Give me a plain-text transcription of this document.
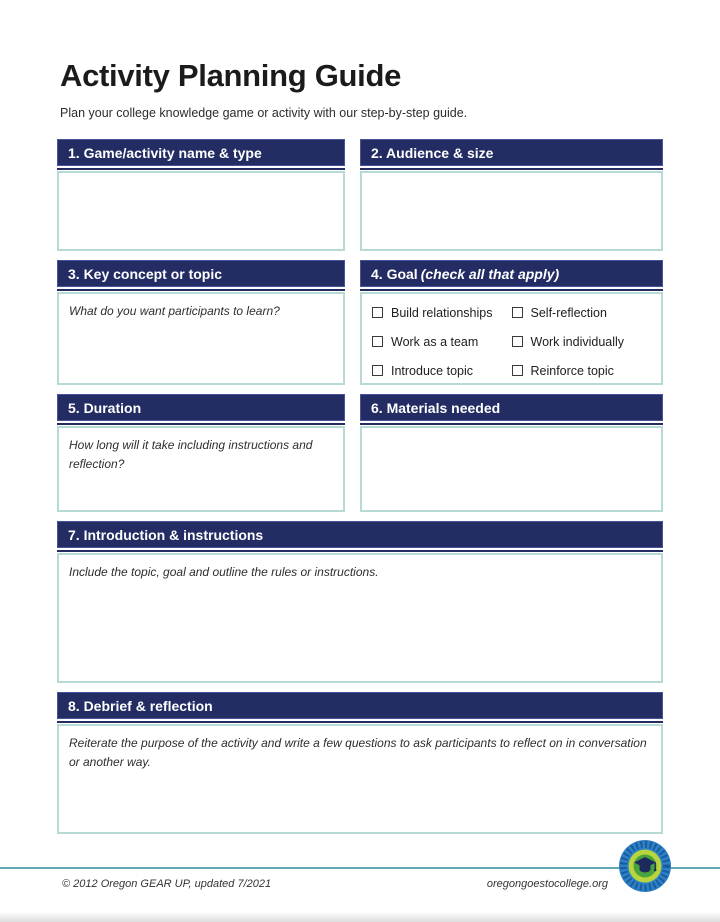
Activity Planning Guide
Plan your college knowledge game or activity with our step-by-step guide.
1. Game/activity name & type	2. Audience & size
3. Key concept or topic

What do you want participants to learn?

4. Goal (check all that apply)
Build relationships	Self-reflection
Work as a team	Work individually
Introduce topic	Reinforce topic
5. Duration

How long will it take including instructions and reflection?

6. Materials needed
7. Introduction & instructions

Include the topic, goal and outline the rules or instructions.

8. Debrief & reflection

Reiterate the purpose of the activity and write a few questions to ask participants to reflect on in conversation or another way.

© 2012 Oregon GEAR UP, updated 7/2021	oregongoestocollege.org
